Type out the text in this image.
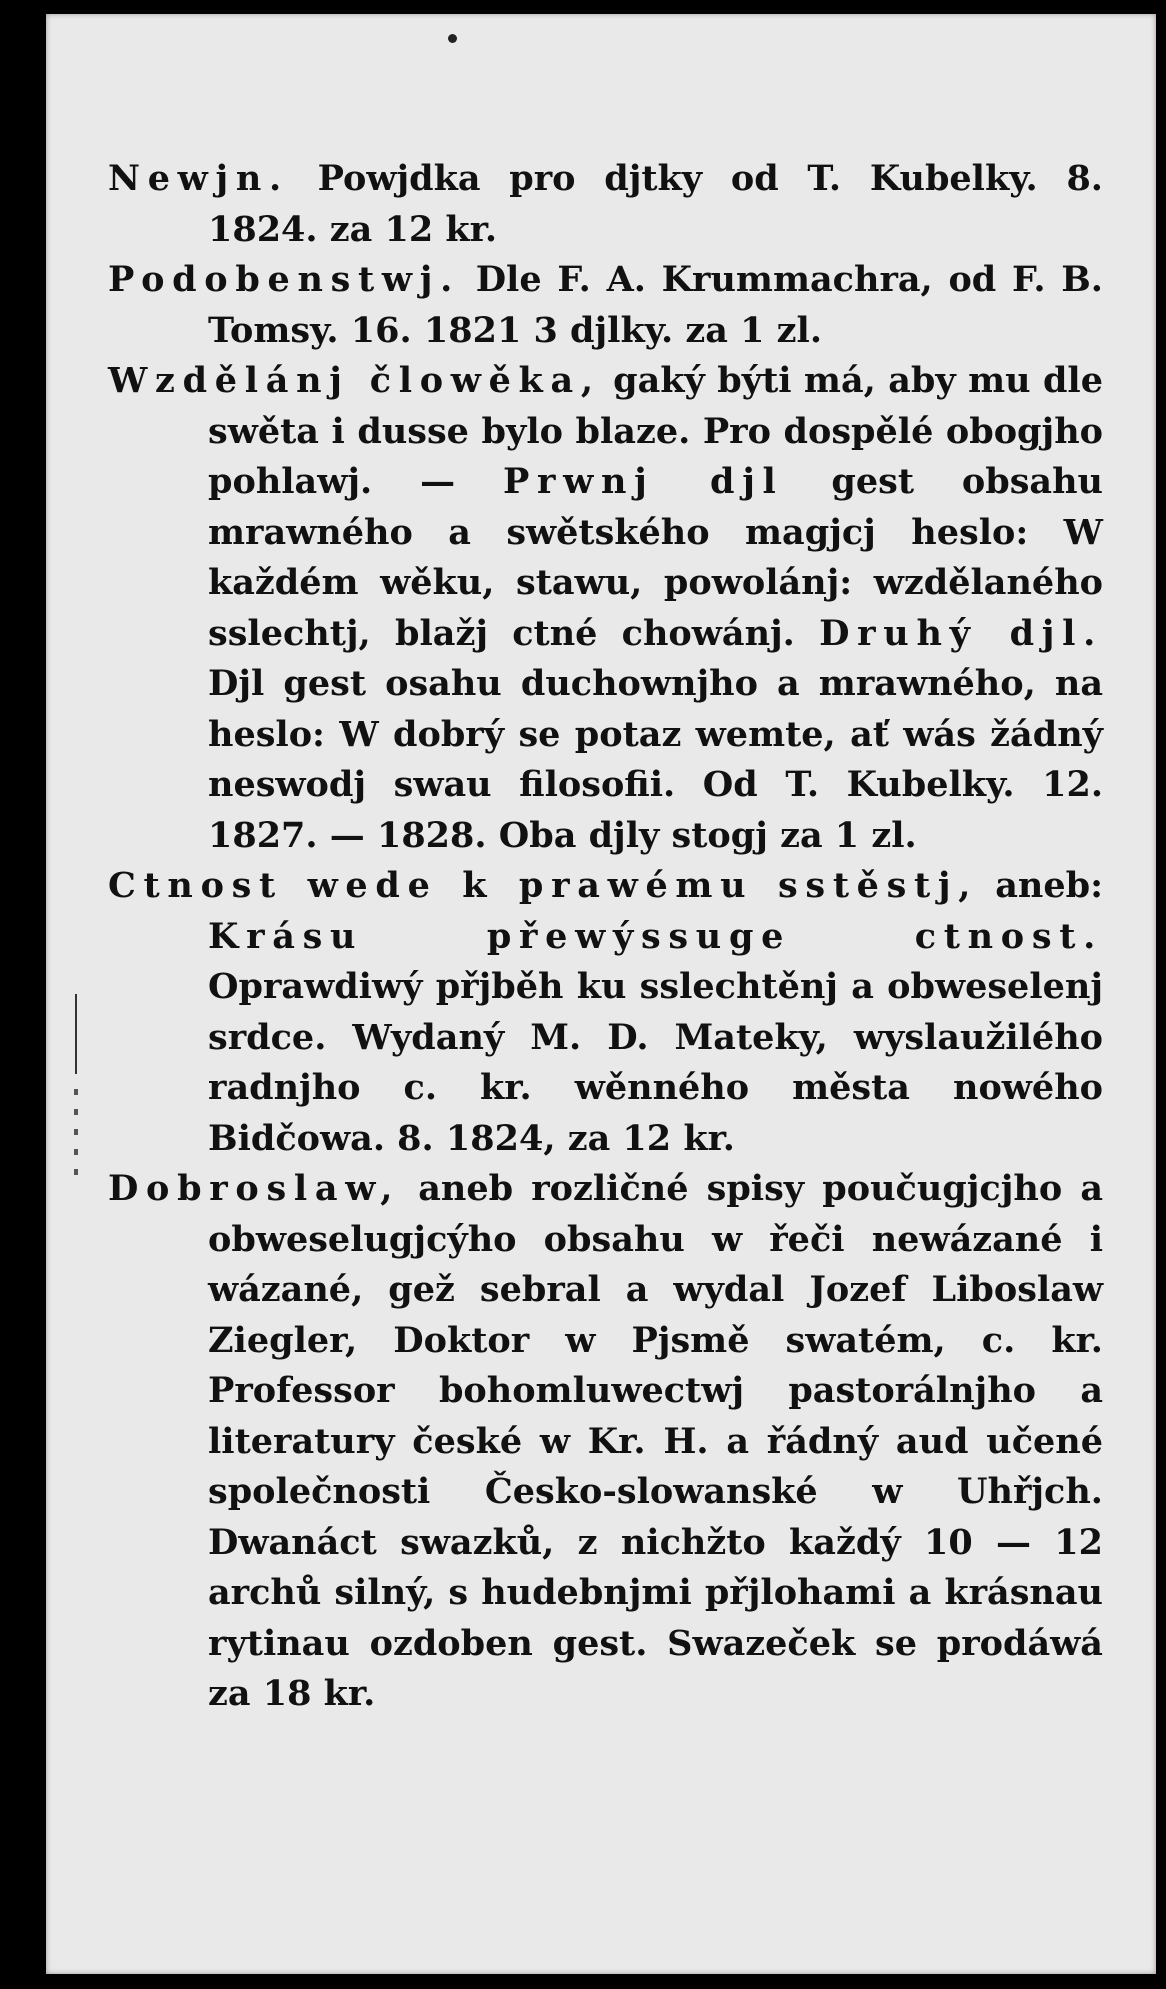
Newjn. Powjdka pro djtky od T. Kubelky. 8. 1824. za 12 kr.

Podobenstwj. Dle F. A. Krummachra, od F. B. Tomsy. 16. 1821 3 djlky. za 1 zl.

Wzdělánj člowěka, gaký býti má, aby mu dle swěta i dusse bylo blaze. Pro dospělé obogjho pohlawj. — Prwnj djl gest obsahu mrawného a swětského magjcj heslo: W každém wěku, stawu, powolánj: wzdělaného sslechtj, blažj ctné chowánj. Druhý djl. Djl gest osahu duchownjho a mrawného, na heslo: W dobrý se potaz wemte, ať wás žádný neswodj swau filosofii. Od T. Kubelky. 12. 1827. — 1828. Oba djly stogj za 1 zl.

Ctnost wede k prawému sstěstj, aneb: Krásu přewýssuge ctnost. Oprawdiwý přjběh ku sslechtěnj a obweselenj srdce. Wydaný M. D. Mateky, wyslaužilého radnjho c. kr. wěnného města nowého Bidčowa. 8. 1824, za 12 kr.

Dobroslaw, aneb rozličné spisy poučugjcjho a obweselugjcýho obsahu w řeči newázané i wázané, gež sebral a wydal Jozef Liboslaw Ziegler, Doktor w Pjsmě swatém, c. kr. Professor bohomluwectwj pastorálnjho a literatury české w Kr. H. a řádný aud učené společnosti Česko-slowanské w Uhřjch. Dwanáct swazků, z nichžto každý 10 — 12 archů silný, s hudebnjmi přjlohami a krásnau rytinau ozdoben gest. Swazeček se prodáwá za 18 kr.
